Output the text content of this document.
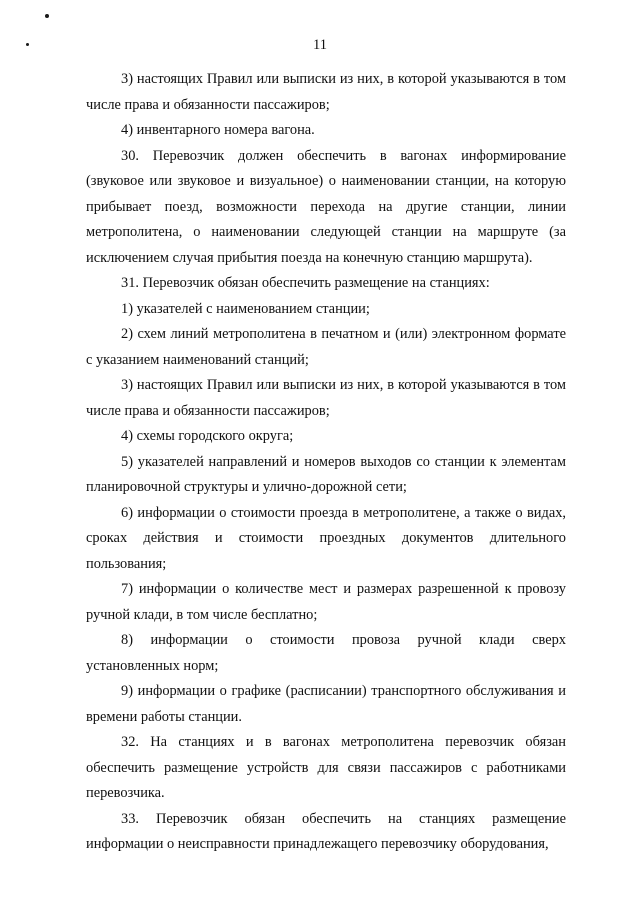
11

3) настоящих Правил или выписки из них, в которой указываются в том числе права и обязанности пассажиров;

4) инвентарного номера вагона.

30. Перевозчик должен обеспечить в вагонах информирование (звуковое или звуковое и визуальное) о наименовании станции, на которую прибывает поезд, возможности перехода на другие станции, линии метрополитена, о наименовании следующей станции на маршруте (за исключением случая прибытия поезда на конечную станцию маршрута).

31. Перевозчик обязан обеспечить размещение на станциях:

1) указателей с наименованием станции;

2) схем линий метрополитена в печатном и (или) электронном формате с указанием наименований станций;

3) настоящих Правил или выписки из них, в которой указываются в том числе права и обязанности пассажиров;

4) схемы городского округа;

5) указателей направлений и номеров выходов со станции к элементам планировочной структуры и улично-дорожной сети;

6) информации о стоимости проезда в метрополитене, а также о видах, сроках действия и стоимости проездных документов длительного пользования;

7) информации о количестве мест и размерах разрешенной к провозу ручной клади, в том числе бесплатно;

8) информации о стоимости провоза ручной клади сверх установленных норм;

9) информации о графике (расписании) транспортного обслуживания и времени работы станции.

32. На станциях и в вагонах метрополитена перевозчик обязан обеспечить размещение устройств для связи пассажиров с работниками перевозчика.

33. Перевозчик обязан обеспечить на станциях размещение информации о неисправности принадлежащего перевозчику оборудования,
